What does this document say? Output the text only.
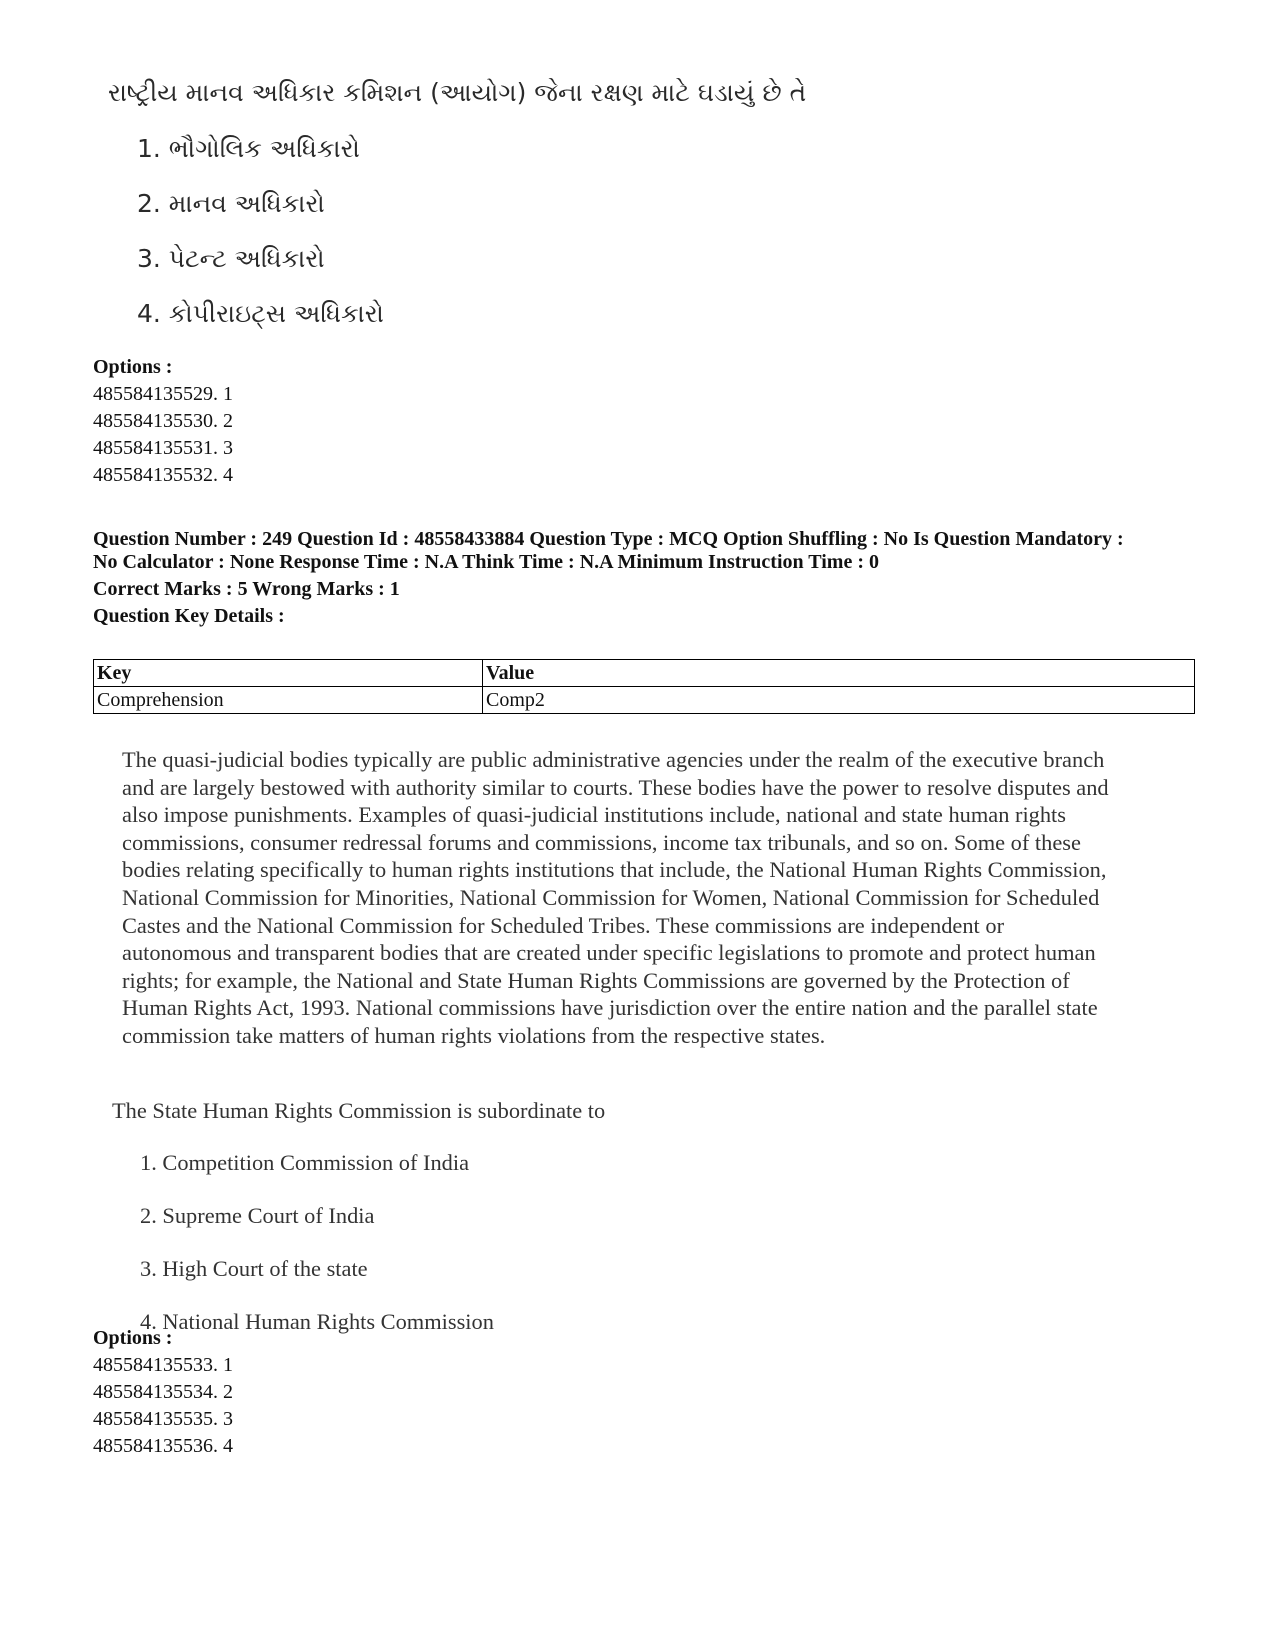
રાષ્ટ્રીય માનવ અધિકાર કમિશન (આયોગ) જેના રક્ષણ માટે ઘડાયું છે તે
1. ભૌગોલિક અધિકારો
2. માનવ અધિકારો
3. પેટન્ટ અધિકારો
4. કોપીરાઇટ્સ અધિકારો
Options :
485584135529. 1
485584135530. 2
485584135531. 3
485584135532. 4
Question Number : 249 Question Id : 48558433884 Question Type : MCQ Option Shuffling : No Is Question Mandatory :
No Calculator : None Response Time : N.A Think Time : N.A Minimum Instruction Time : 0
Correct Marks : 5 Wrong Marks : 1
Question Key Details :
Key	Value
Comprehension	Comp2
The quasi-judicial bodies typically are public administrative agencies under the realm of the executive branch
and are largely bestowed with authority similar to courts. These bodies have the power to resolve disputes and
also impose punishments. Examples of quasi-judicial institutions include, national and state human rights
commissions, consumer redressal forums and commissions, income tax tribunals, and so on. Some of these
bodies relating specifically to human rights institutions that include, the National Human Rights Commission,
National Commission for Minorities, National Commission for Women, National Commission for Scheduled
Castes and the National Commission for Scheduled Tribes. These commissions are independent or
autonomous and transparent bodies that are created under specific legislations to promote and protect human
rights; for example, the National and State Human Rights Commissions are governed by the Protection of
Human Rights Act, 1993. National commissions have jurisdiction over the entire nation and the parallel state
commission take matters of human rights violations from the respective states.
The State Human Rights Commission is subordinate to
1. Competition Commission of India
2. Supreme Court of India
3. High Court of the state
4. National Human Rights Commission
Options :
485584135533. 1
485584135534. 2
485584135535. 3
485584135536. 4
